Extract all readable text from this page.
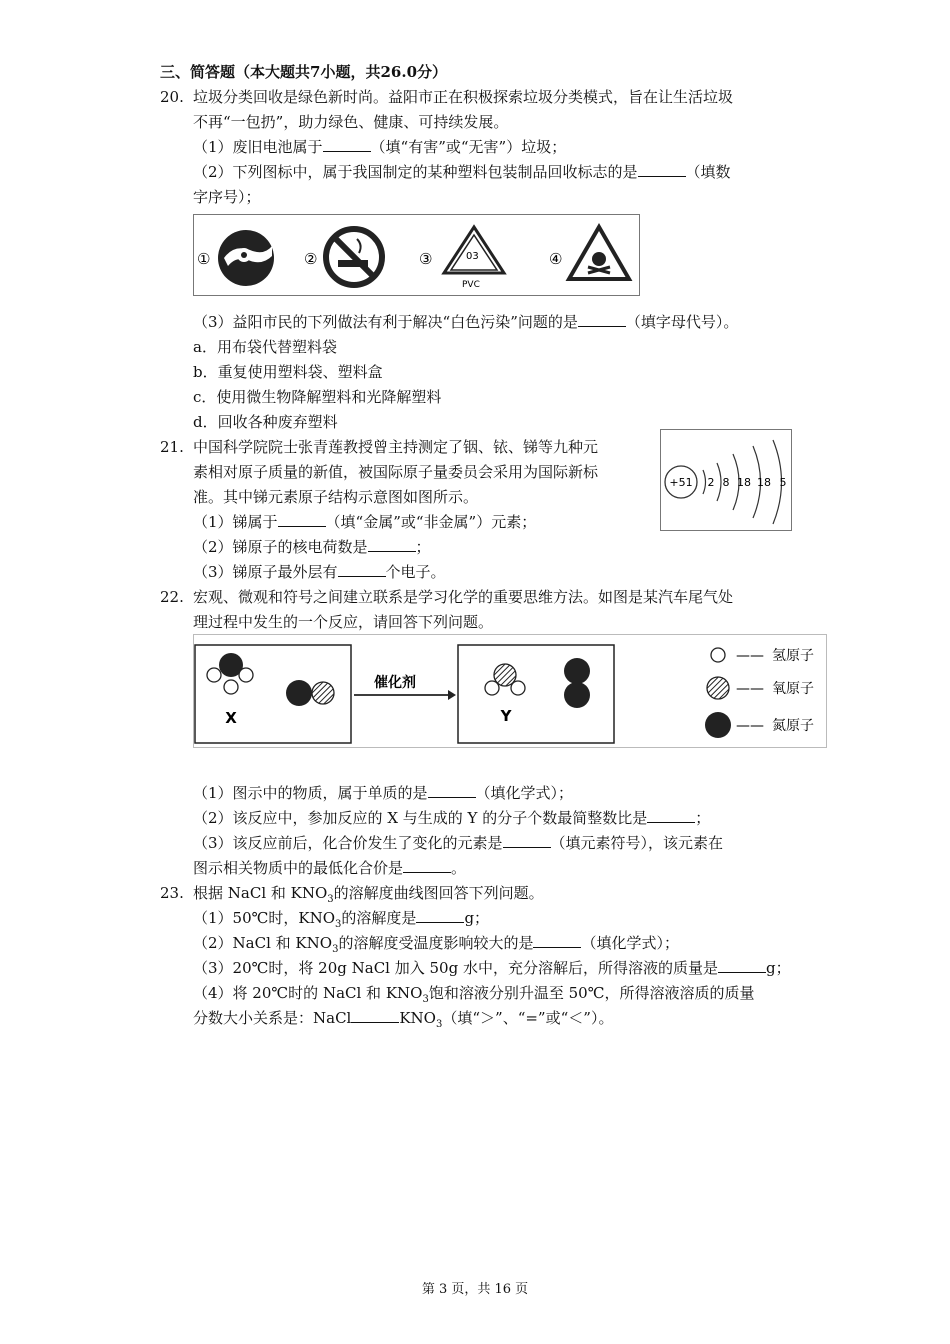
三、简答题（本大题共7小题，共26.0分）
20. 垃圾分类回收是绿色新时尚。益阳市正在积极探索垃圾分类模式，旨在让生活垃圾
不再“一包扔”，助力绿色、健康、可持续发展。
（1）废旧电池属于	（填“有害”或“无害”）垃圾；
（2）下列图标中，属于我国制定的某种塑料包装制品回收标志的是	（填数
字序号）；
①	②	③	03
PVC
④
（3）益阳市民的下列做法有利于解决“白色污染”问题的是	（填字母代号）。
a．用布袋代替塑料袋
b．重复使用塑料袋、塑料盒
c．使用微生物降解塑料和光降解塑料
d．回收各种废弃塑料
21. 中国科学院院士张青莲教授曾主持测定了铟、铱、锑等九种元
素相对原子质量的新值，被国际原子量委员会采用为国际新标
准。其中锑元素原子结构示意图如图所示。
（1）锑属于	（填“金属”或“非金属”）元素；
（2）锑原子的核电荷数是	；
（3）锑原子最外层有	个电子。
+51 2 8 18 18 5
22. 宏观、微观和符号之间建立联系是学习化学的重要思维方法。如图是某汽车尾气处
理过程中发生的一个反应，请回答下列问题。
X
催化剂
Y
—— 氢原子
—— 氧原子
—— 氮原子
（1）图示中的物质，属于单质的是	（填化学式）；
（2）该反应中，参加反应的 X 与生成的 Y 的分子个数最简整数比是	；
（3）该反应前后，化合价发生了变化的元素是	（填元素符号），该元素在
图示相关物质中的最低化合价是	。
23. 根据 NaCl 和 $KNO_3$的溶解度曲线图回答下列问题。
（1）50℃时，$KNO_3$的溶解度是	g；
（2）NaCl 和 $KNO_3$的溶解度受温度影响较大的是	（填化学式）；
（3）20℃时，将 20g NaCl 加入 50g 水中，充分溶解后，所得溶液的质量是	g；
（4）将 20℃时的 NaCl 和 $KNO_3$饱和溶液分别升温至 50℃，所得溶液溶质的质量
分数大小关系是：NaCl	$KNO_3$（填“＞”、“=”或“＜”）。
第 3 页，共 16 页
